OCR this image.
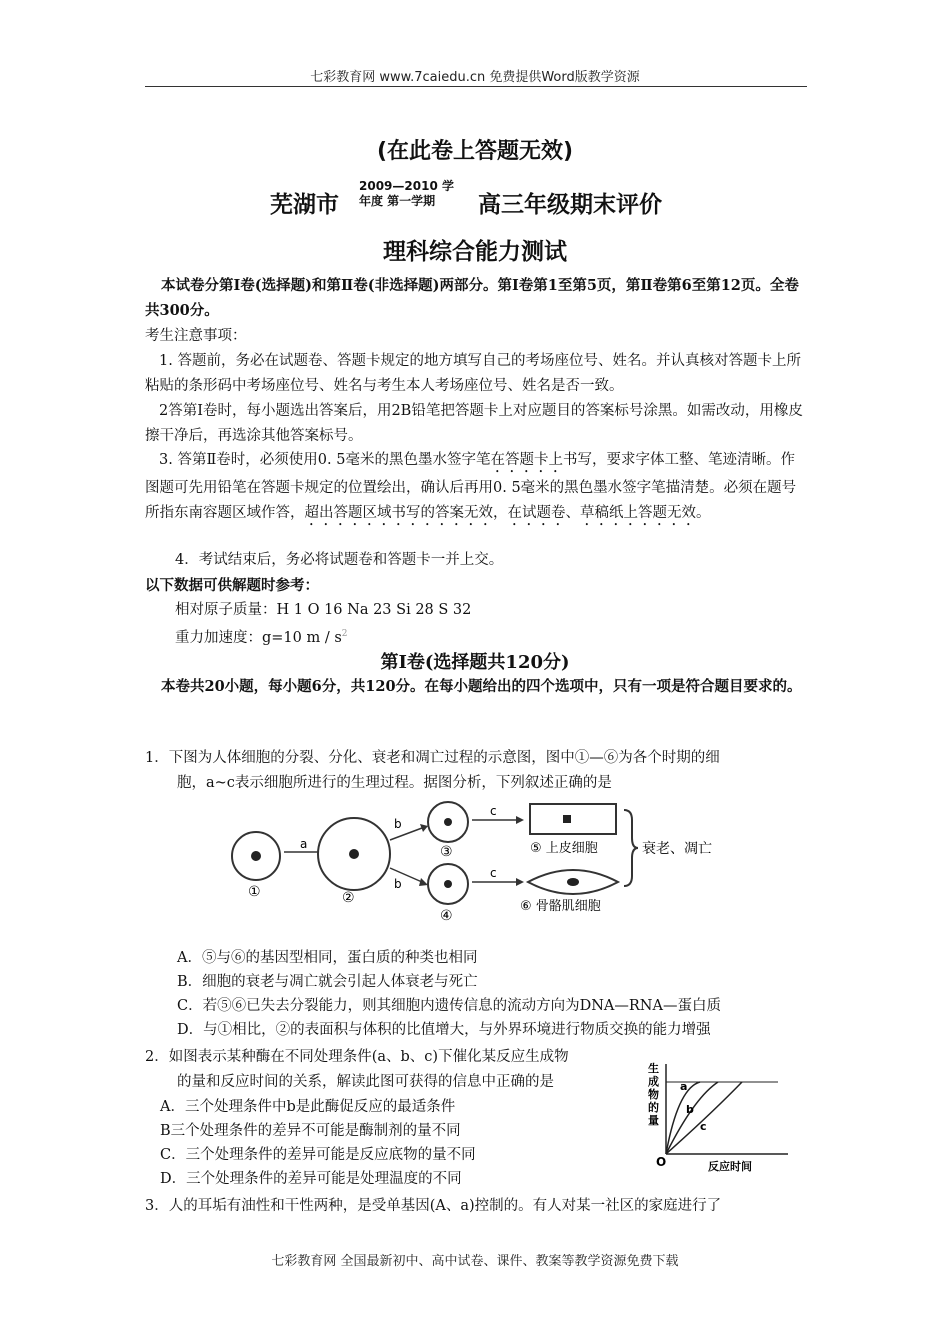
七彩教育网 www.7caiedu.cn 免费提供Word版教学资源
(在此卷上答题无效)
芜湖市
2009—2010 学
年度 第一学期	高三年级期末评价
理科综合能力测试
本试卷分第Ⅰ卷(选择题)和第Ⅱ卷(非选择题)两部分。第Ⅰ卷第1至第5页，第Ⅱ卷第6至第12页。全卷共300分。
考生注意事项：
1. 答题前，务必在试题卷、答题卡规定的地方填写自己的考场座位号、姓名。并认真核对答题卡上所粘贴的条形码中考场座位号、姓名与考生本人考场座位号、姓名是否一致。
2答第Ⅰ卷时，每小题选出答案后，用2B铅笔把答题卡上对应题目的答案标号涂黑。如需改动，用橡皮擦干净后，再选涂其他答案标号。
3. 答第Ⅱ卷时，必须使用0. 5毫米的黑色墨水签字笔在答题卡上书写，要求字体工整、笔迹清晰。作图题可先用铅笔在答题卡规定的位置绘出，确认后再用0. 5毫米的黑色墨水签字笔描清楚。必须在题号所指东南容题区域作答，超出答题区域书写的答案无效，在试题卷、草稿纸上答题无效。
4．考试结束后，务必将试题卷和答题卡一并上交。
以下数据可供解题时参考：
相对原子质量：H 1 O 16 Na 23 Si 28 S 32
重力加速度：g=10 m / $s^2$
第Ⅰ卷(选择题共120分)
本卷共20小题，每小题6分，共120分。在每小题给出的四个选项中，只有一项是符合题目要求的。
1．下图为人体细胞的分裂、分化、衰老和凋亡过程的示意图，图中①—⑥为各个时期的细
胞，a~c表示细胞所进行的生理过程。据图分析，下列叙述正确的是
①
a
②
b
b
③
④
c
c
⑤ 上皮细胞
⑥ 骨骼肌细胞
衰老、凋亡
A．⑤与⑥的基因型相同，蛋白质的种类也相同
B．细胞的衰老与凋亡就会引起人体衰老与死亡
C．若⑤⑥已失去分裂能力，则其细胞内遗传信息的流动方向为DNA—RNA—蛋白质
D．与①相比，②的表面积与体积的比值增大，与外界环境进行物质交换的能力增强
2．如图表示某种酶在不同处理条件(a、b、c)下催化某反应生成物
的量和反应时间的关系，解读此图可获得的信息中正确的是
A．三个处理条件中b是此酶促反应的最适条件
B三个处理条件的差异不可能是酶制剂的量不同
C．三个处理条件的差异可能是反应底物的量不同
D．三个处理条件的差异可能是处理温度的不同
生
成
物
的
量
a
b
c
O	反应时间
3．人的耳垢有油性和干性两种，是受单基因(A、a)控制的。有人对某一社区的家庭进行了
七彩教育网 全国最新初中、高中试卷、课件、教案等教学资源免费下载
